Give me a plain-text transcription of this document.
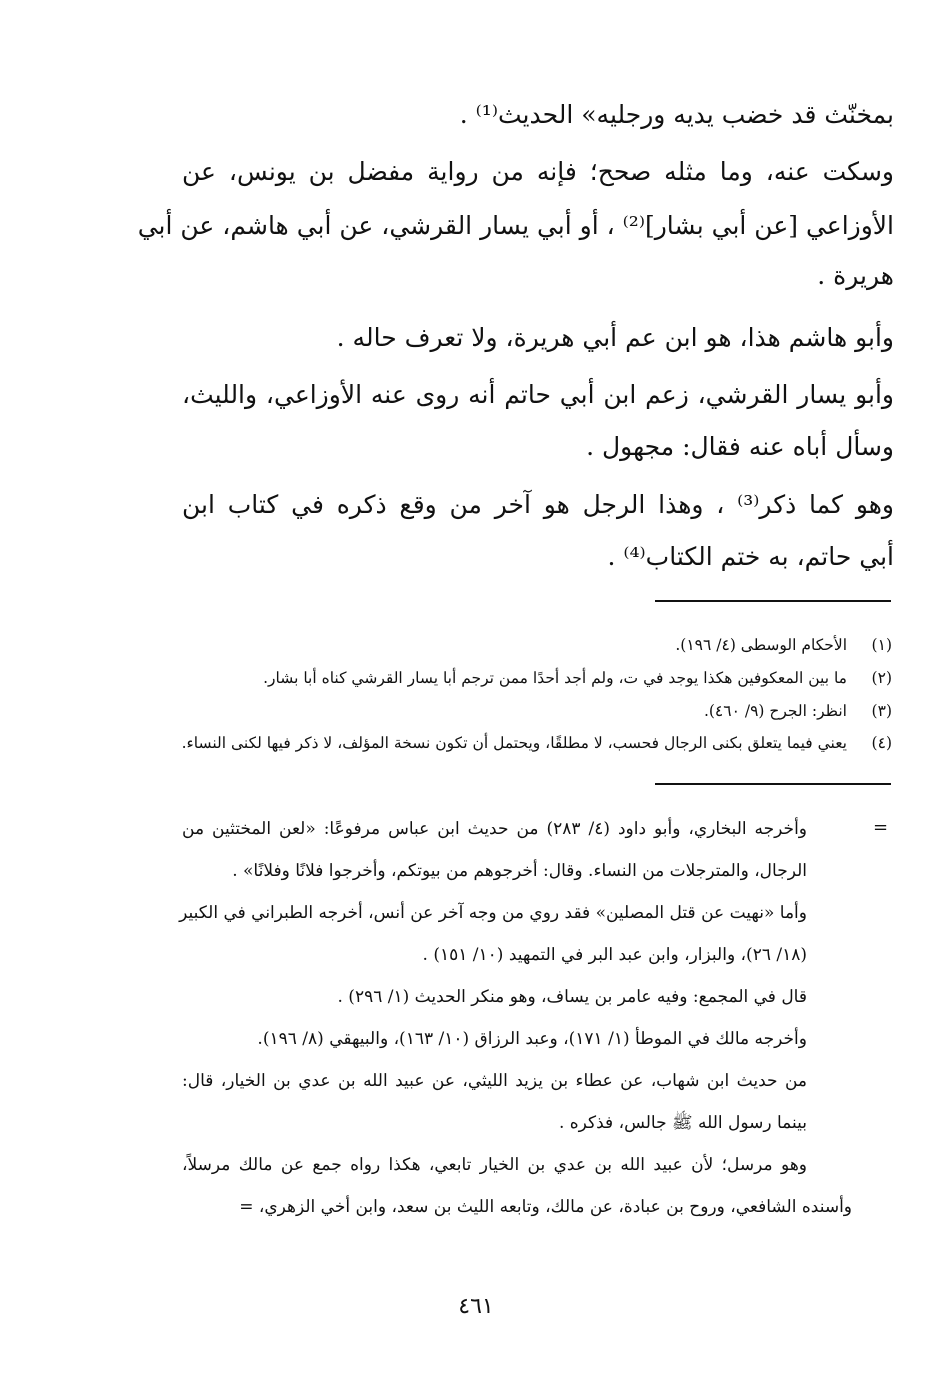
بمخنّث قد خضب يديه ورجليه» الحديث⁽¹⁾ .
وسكت عنه، وما مثله صحح؛ فإنه من رواية مفضل بن يونس، عن
الأوزاعي [عن أبي بشار]⁽²⁾ ، أو أبي يسار القرشي، عن أبي هاشم، عن أبي
هريرة .
وأبو هاشم هذا، هو ابن عم أبي هريرة، ولا تعرف حاله .
وأبو يسار القرشي، زعم ابن أبي حاتم أنه روى عنه الأوزاعي، والليث،
وسأل أباه عنه فقال: مجهول .
وهو كما ذكر⁽³⁾ ، وهذا الرجل هو آخر من وقع ذكره في كتاب ابن
أبي حاتم، به ختم الكتاب⁽⁴⁾ .
(١)
الأحكام الوسطى (٤/ ١٩٦).
(٢)
ما بين المعكوفين هكذا يوجد في ت، ولم أجد أحدًا ممن ترجم أبا يسار القرشي كناه أبا بشار.
(٣)
انظر: الجرح (٩/ ٤٦٠).
(٤)
يعني فيما يتعلق بكنى الرجال فحسب، لا مطلقًا، ويحتمل أن تكون نسخة المؤلف، لا ذكر فيها لكنى النساء.
=
وأخرجه البخاري، وأبو داود (٤/ ٢٨٣) من حديث ابن عباس مرفوعًا: «لعن المختثين من
الرجال، والمترجلات من النساء. وقال: أخرجوهم من بيوتكم، وأخرجوا فلانًا وفلانًا» .
وأما «نهيت عن قتل المصلين» فقد روي من وجه آخر عن أنس، أخرجه الطبراني في الكبير
(١٨/ ٢٦)، والبزار، وابن عبد البر في التمهيد (١٠/ ١٥١) .
قال في المجمع: وفيه عامر بن يساف، وهو منكر الحديث (١/ ٢٩٦) .
وأخرجه مالك في الموطأ (١/ ١٧١)، وعبد الرزاق (١٠/ ١٦٣)، والبيهقي (٨/ ١٩٦).
من حديث ابن شهاب، عن عطاء بن يزيد الليثي، عن عبيد الله بن عدي بن الخيار، قال:
بينما رسول الله ﷺ جالس، فذكره .
وهو مرسل؛ لأن عبيد الله بن عدي بن الخيار تابعي، هكذا رواه جمع عن مالك مرسلاً،
وأسنده الشافعي، وروح بن عبادة، عن مالك، وتابعه الليث بن سعد، وابن أخي الزهري، =
٤٦١
